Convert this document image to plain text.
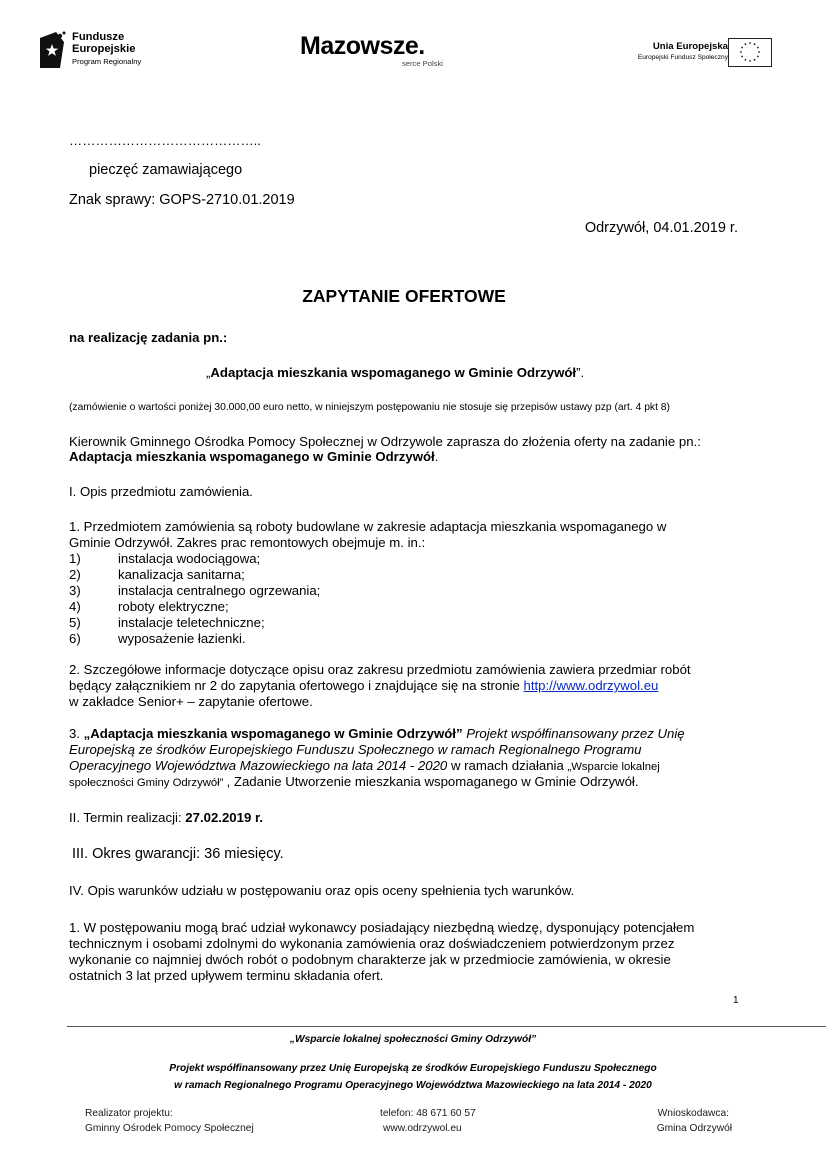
Fundusze
Europejskie
Program Regionalny
Mazowsze.
serce Polski
Unia Europejska
Europejski Fundusz Społeczny
……………………………………..
pieczęć zamawiającego
Znak sprawy: GOPS-2710.01.2019
Odrzywół, 04.01.2019 r.
ZAPYTANIE OFERTOWE
na realizację zadania pn.:
„Adaptacja mieszkania wspomaganego w Gminie Odrzywół”.
(zamówienie o wartości poniżej 30.000,00 euro netto, w niniejszym postępowaniu nie stosuje się przepisów ustawy pzp (art. 4 pkt 8)
Kierownik Gminnego Ośrodka Pomocy Społecznej w Odrzywole zaprasza do złożenia oferty na zadanie pn.:
Adaptacja mieszkania wspomaganego w Gminie Odrzywół.
I. Opis przedmiotu zamówienia.
1. Przedmiotem zamówienia są roboty budowlane w zakresie adaptacja mieszkania wspomaganego w
Gminie Odrzywół. Zakres prac remontowych obejmuje m. in.:
1)	instalacja wodociągowa;
2)	kanalizacja sanitarna;
3)	instalacja centralnego ogrzewania;
4)	roboty elektryczne;
5)	instalacje teletechniczne;
6)	wyposażenie łazienki.
2. Szczegółowe informacje dotyczące opisu oraz zakresu przedmiotu zamówienia zawiera przedmiar robót
będący załącznikiem nr 2 do zapytania ofertowego i znajdujące się na stronie http://www.odrzywol.eu
w zakładce Senior+ – zapytanie ofertowe.
3. „Adaptacja mieszkania wspomaganego w Gminie Odrzywół” Projekt współfinansowany przez Unię
Europejską ze środków Europejskiego Funduszu Społecznego w ramach Regionalnego Programu
Operacyjnego Województwa Mazowieckiego na lata 2014 - 2020 w ramach działania „Wsparcie lokalnej
społeczności Gminy Odrzywół” , Zadanie Utworzenie mieszkania wspomaganego w Gminie Odrzywół.
II. Termin realizacji: 27.02.2019 r.
III. Okres gwarancji: 36 miesięcy.
IV. Opis warunków udziału w postępowaniu oraz opis oceny spełnienia tych warunków.
1. W postępowaniu mogą brać udział wykonawcy posiadający niezbędną wiedzę, dysponujący potencjałem
technicznym i osobami zdolnymi do wykonania zamówienia oraz doświadczeniem potwierdzonym przez
wykonanie co najmniej dwóch robót o podobnym charakterze jak w przedmiocie zamówienia, w okresie
ostatnich 3 lat przed upływem terminu składania ofert.
1
„Wsparcie lokalnej społeczności Gminy Odrzywół”
Projekt współfinansowany przez Unię Europejską ze środków Europejskiego Funduszu Społecznego
w ramach Regionalnego Programu Operacyjnego Województwa Mazowieckiego na lata 2014 - 2020
Realizator projektu:
Gminny Ośrodek Pomocy Społecznej
telefon: 48 671 60 57
www.odrzywol.eu
Wnioskodawca:
Gmina Odrzywół
